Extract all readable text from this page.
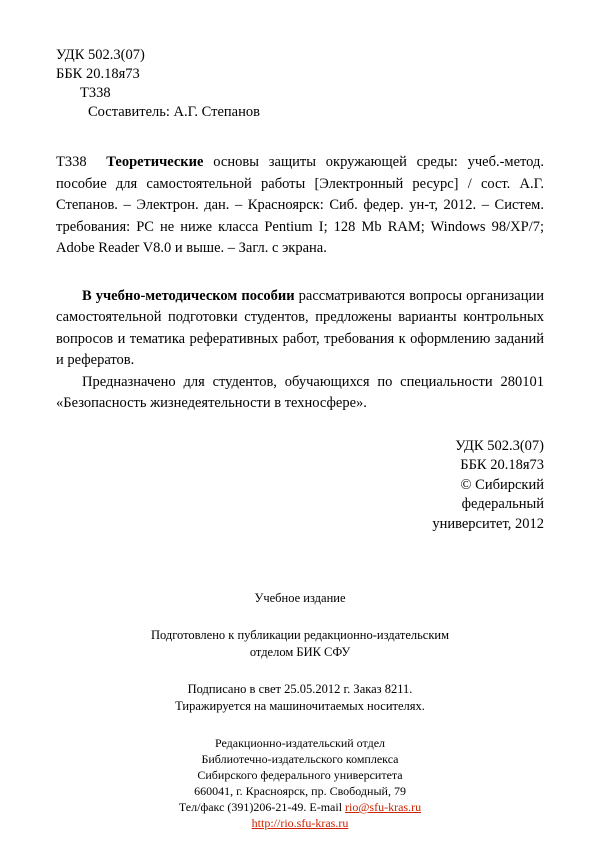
УДК 502.3(07)
ББК 20.18я73
Т338
Составитель: А.Г. Степанов
Т338 Теоретические основы защиты окружающей среды: учеб.-метод. пособие для самостоятельной работы [Электронный ресурс] / сост. А.Г. Степанов. – Электрон. дан. – Красноярск: Сиб. федер. ун-т, 2012. – Систем. требования: PC не ниже класса Pentium I; 128 Mb RAM; Windows 98/XP/7; Adobe Reader V8.0 и выше. – Загл. с экрана.
В учебно-методическом пособии рассматриваются вопросы организации самостоятельной подготовки студентов, предложены варианты контрольных вопросов и тематика реферативных работ, требования к оформлению заданий и рефератов.
Предназначено для студентов, обучающихся по специальности 280101 «Безопасность жизнедеятельности в техносфере».
УДК 502.3(07)
ББК 20.18я73
© Сибирский
федеральный
университет, 2012
Учебное издание
Подготовлено к публикации редакционно-издательским
отделом БИК СФУ
Подписано в свет 25.05.2012 г. Заказ 8211.
Тиражируется на машиночитаемых носителях.
Редакционно-издательский отдел
Библиотечно-издательского комплекса
Сибирского федерального университета
660041, г. Красноярск, пр. Свободный, 79
Тел/факс (391)206-21-49. E-mail rio@sfu-kras.ru
http://rio.sfu-kras.ru
